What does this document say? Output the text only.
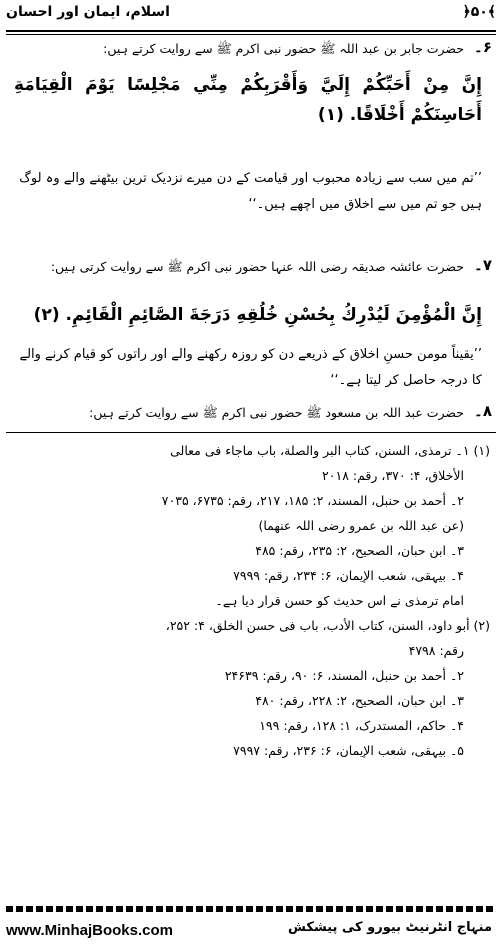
اسلام، ایمان اور احسان	﴿۵۰﴾
۶۔
حضرت جابر بن عبد اللہ ﷺ حضور نبی اکرم ﷺ سے روایت کرتے ہیں:
إِنَّ مِنْ أَحَبِّكُمْ إِلَيَّ وَأَقْرَبِكُمْ مِنِّي مَجْلِسًا يَوْمَ الْقِيَامَةِ أَحَاسِنَكُمْ أَخْلَاقًا. (۱)
’’تم میں سب سے زیادہ محبوب اور قیامت کے دن میرے نزدیک ترین بیٹھنے والے وہ لوگ ہیں جو تم میں سے اخلاق میں اچھے ہیں۔‘‘
۷۔
حضرت عائشہ صدیقہ رضی اللہ عنہا حضور نبی اکرم ﷺ سے روایت کرتی ہیں:
إِنَّ الْمُؤْمِنَ لَيُدْرِكُ بِحُسْنِ خُلُقِهِ دَرَجَةَ الصَّائِمِ الْقَائِمِ. (۲)
’’یقیناً مومن حسنِ اخلاق کے ذریعے دن کو روزہ رکھنے والے اور راتوں کو قیام کرنے والے کا درجہ حاصل کر لیتا ہے۔‘‘
۸۔
حضرت عبد اللہ بن مسعود ﷺ حضور نبی اکرم ﷺ سے روایت کرتے ہیں:
(۱) ۱۔ ترمذی، السنن، کتاب البر والصلة، باب ماجاء فی معالی
الأخلاق، ۴: ۳۷۰، رقم: ۲۰۱۸
۲۔ أحمد بن حنبل، المسند، ۲: ۱۸۵، ۲۱۷، رقم: ۶۷۳۵، ۷۰۳۵
(عن عبد اللہ بن عمرو رضی اللہ عنهما)
۳۔ ابن حبان، الصحیح، ۲: ۲۳۵، رقم: ۴۸۵
۴۔ بیہقی، شعب الإیمان، ۶: ۲۳۴، رقم: ۷۹۹۹
امام ترمذی نے اس حدیث کو حسن قرار دیا ہے۔
(۲) أبو داود، السنن، کتاب الأدب، باب فی حسن الخلق، ۴: ۲۵۲،
رقم: ۴۷۹۸
۲۔ أحمد بن حنبل، المسند، ۶: ۹۰، رقم: ۲۴۶۳۹
۳۔ ابن حبان، الصحیح، ۲: ۲۲۸، رقم: ۴۸۰
۴۔ حاکم، المستدرک، ۱: ۱۲۸، رقم: ۱۹۹
۵۔ بیہقی، شعب الإیمان، ۶: ۲۳۶، رقم: ۷۹۹۷
www.MinhajBooks.com	منہاج انٹرنیٹ بیورو کی پیشکش
